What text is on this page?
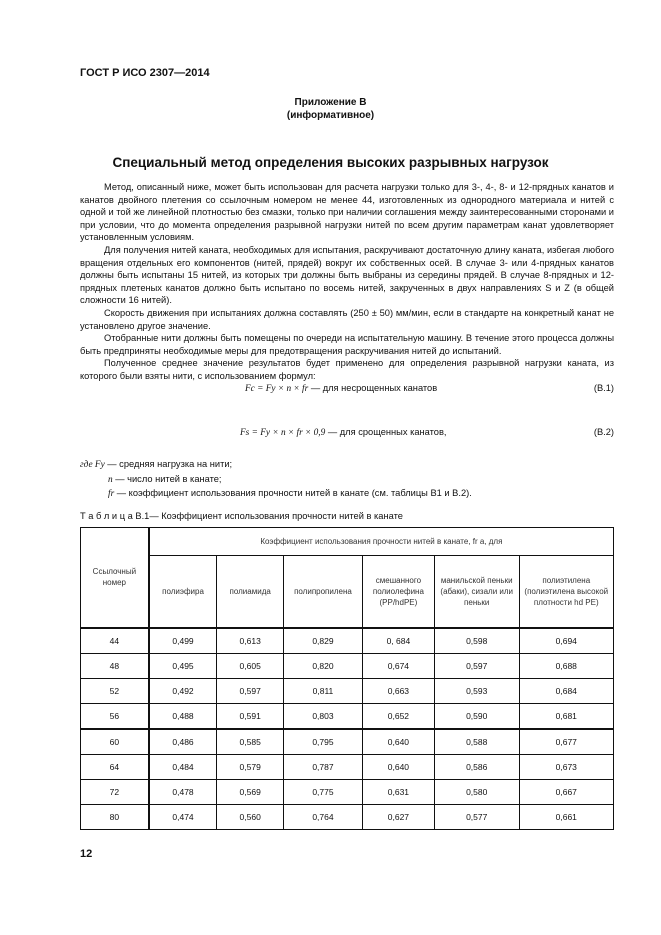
ГОСТ Р ИСО 2307—2014
Приложение В
(информативное)
Специальный метод определения высоких разрывных нагрузок

Метод, описанный ниже, может быть использован для расчета нагрузки только для 3-, 4-, 8- и 12-прядных канатов и канатов двойного плетения со ссылочным номером не менее 44, изготовленных из однородного материала и нитей с одной и той же линейной плотностью без смазки, только при наличии соглашения между заинтересованными сторонами и при условии, что до момента определения разрывной нагрузки нитей по всем другим параметрам канат удовлетворяет установленным условиям.

Для получения нитей каната, необходимых для испытания, раскручивают достаточную длину каната, избегая любого вращения отдельных его компонентов (нитей, прядей) вокруг их собственных осей. В случае 3- или 4-прядных канатов должны быть испытаны 15 нитей, из которых три должны быть выбраны из середины прядей. В случае 8-прядных и 12-прядных плетеных канатов должно быть испытано по восемь нитей, закрученных в двух направлениях S и Z (в общей сложности 16 нитей).

Скорость движения при испытаниях должна составлять (250 ± 50) мм/мин, если в стандарте на конкретный канат не установлено другое значение.

Отобранные нити должны быть помещены по очереди на испытательную машину. В течение этого процесса должны быть предприняты необходимые меры для предотвращения раскручивания нитей до испытаний.

Полученное среднее значение результатов будет применено для определения разрывной нагрузки каната, из которого были взяты нити, с использованием формул:

Fc = Fy × n × fr — для несрощенных канатов	(B.1)
Fs = Fy × n × fr × 0,9 — для срощенных канатов,	(B.2)
где Fy — средняя нагрузка на нити;
n — число нитей в канате;
fr — коэффициент использования прочности нитей в канате (см. таблицы В1 и В.2).
Т а б л и ц а В.1— Коэффициент использования прочности нитей в канате
Ссылочный номер	Коэффициент использования прочности нитей в канате, fr a, для					
	полиэфира	полиамида	полипропилена	смешанного полиолефина (PP/hdPE)	манильской пеньки (абаки), сизали или пеньки	полиэтилена (полиэтилена высокой плотности hd PE)
44	0,499	0,613	0,829	0, 684	0,598	0,694
48	0,495	0,605	0,820	0,674	0,597	0,688
52	0,492	0,597	0,811	0,663	0,593	0,684
56	0,488	0,591	0,803	0,652	0,590	0,681
60	0,486	0,585	0,795	0,640	0,588	0,677
64	0,484	0,579	0,787	0,640	0,586	0,673
72	0,478	0,569	0,775	0,631	0,580	0,667
80	0,474	0,560	0,764	0,627	0,577	0,661
12
